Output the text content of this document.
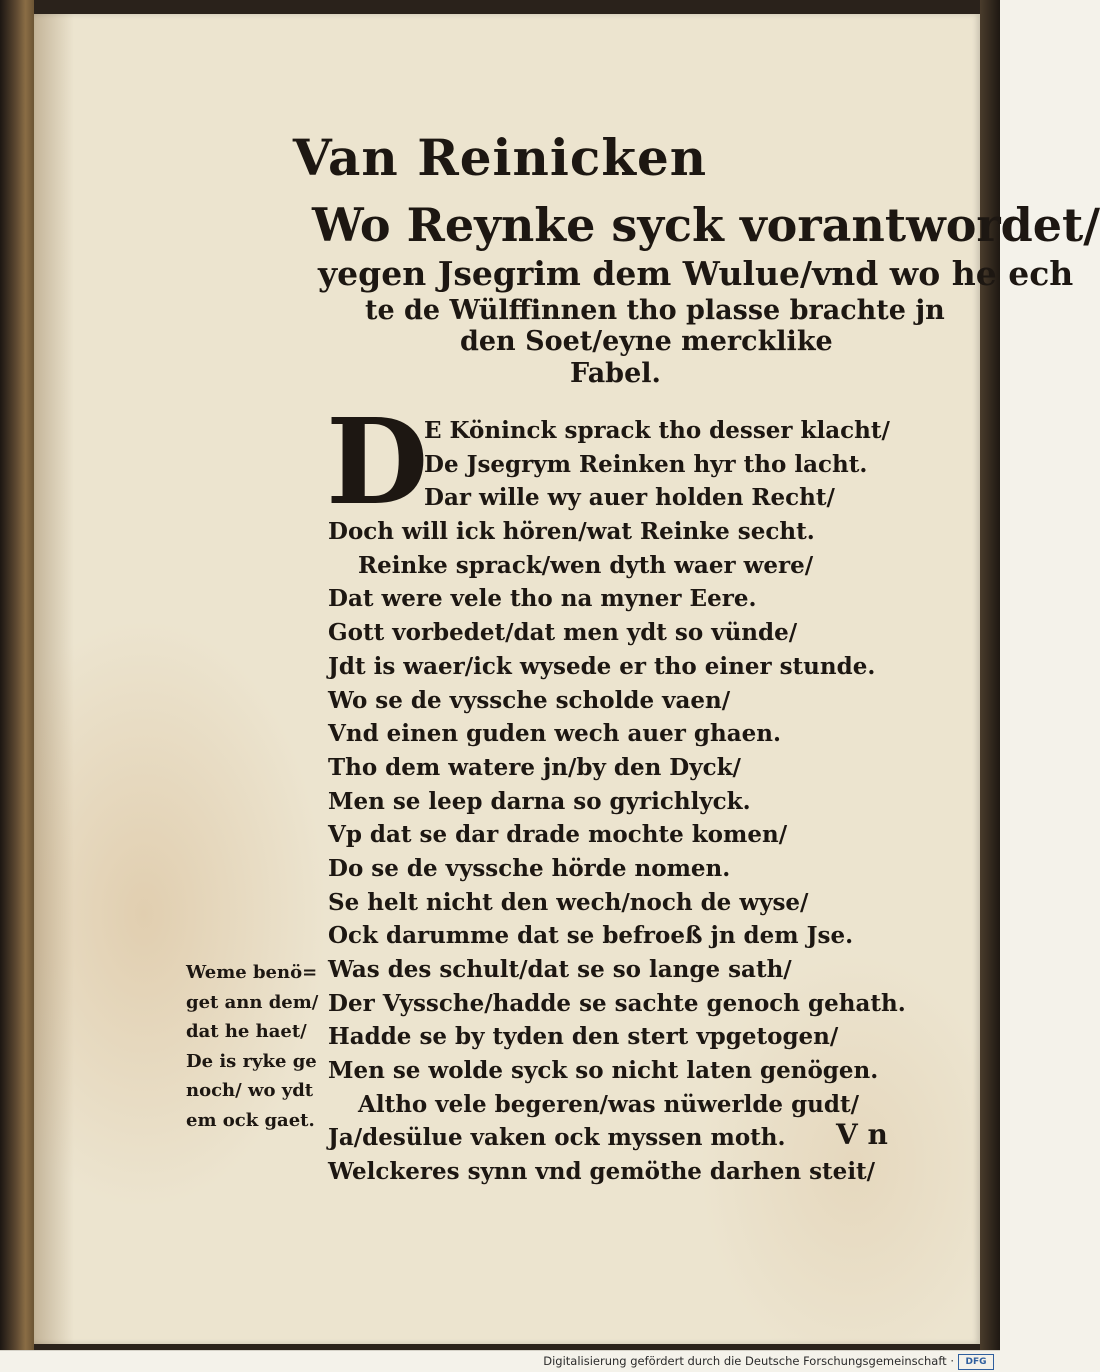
Van Reinicken
Wo Reynke syck vorantwordet/
yegen Jsegrim dem Wulue/vnd wo he ech
te de Wülffinnen tho plasse brachte jn
den Soet/eyne mercklike
Fabel.
D
E Köninck sprack tho desser klacht/
De Jsegrym Reinken hyr tho lacht.
Dar wille wy auer holden Recht/
Doch will ick hören/wat Reinke secht.
Reinke sprack/wen dyth waer were/
Dat were vele tho na myner Eere.
Gott vorbedet/dat men ydt so vünde/
Jdt is waer/ick wysede er tho einer stunde.
Wo se de vyssche scholde vaen/
Vnd einen guden wech auer ghaen.
Tho dem watere jn/by den Dyck/
Men se leep darna so gyrichlyck.
Vp dat se dar drade mochte komen/
Do se de vyssche hörde nomen.
Se helt nicht den wech/noch de wyse/
Ock darumme dat se befroeß jn dem Jse.
Was des schult/dat se so lange sath/
Der Vyssche/hadde se sachte genoch gehath.
Hadde se by tyden den stert vpgetogen/
Men se wolde syck so nicht laten genögen.
Altho vele begeren/was nüwerlde gudt/
Ja/desülue vaken ock myssen moth.
Welckeres synn vnd gemöthe darhen steit/
Weme benö=
get ann dem/
dat he haet/
De is ryke ge
noch/ wo ydt
em ock gaet.	V n
Digitalisierung gefördert durch die Deutsche Forschungsgemeinschaft ·	DFG
